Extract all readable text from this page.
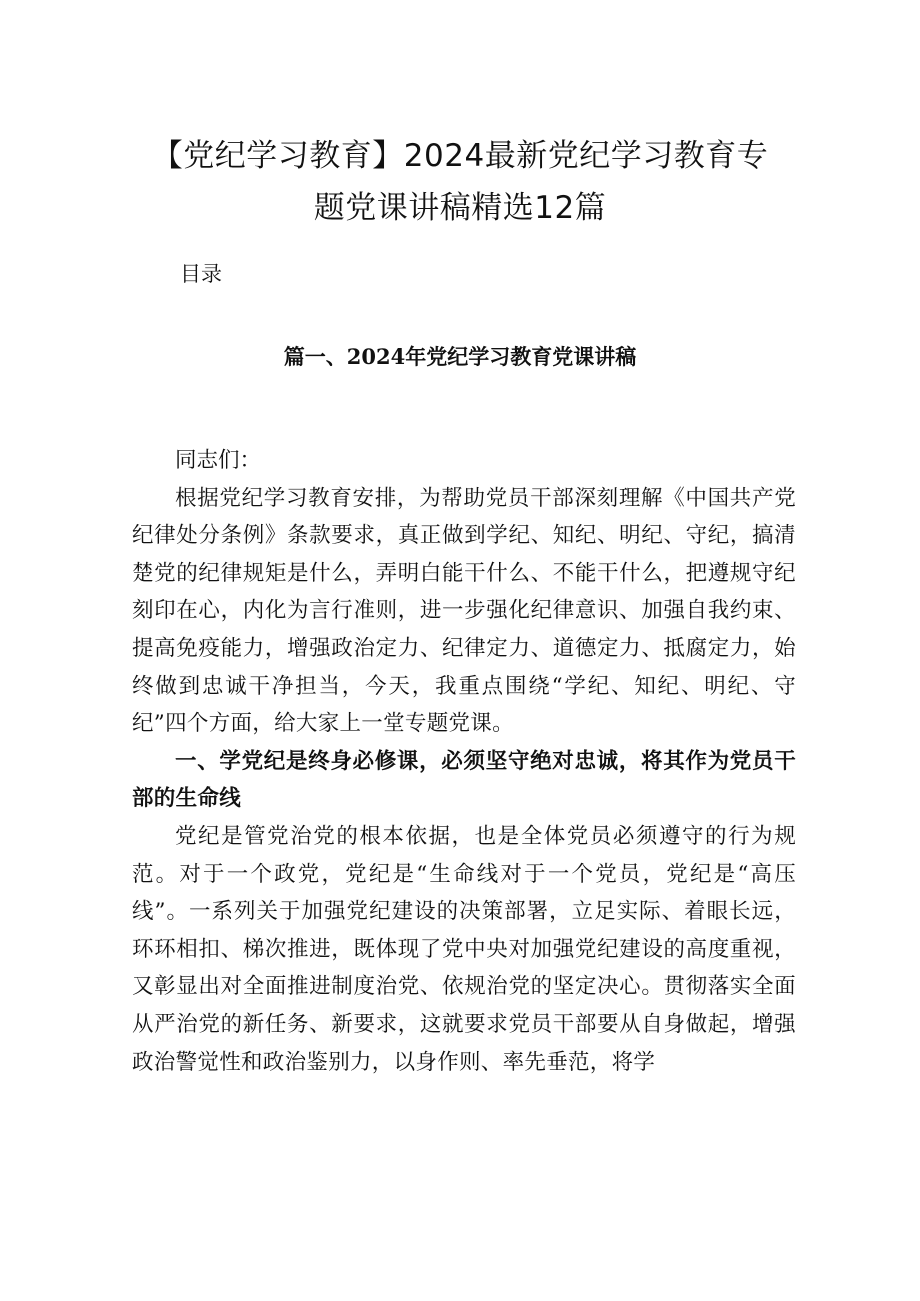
【党纪学习教育】2024最新党纪学习教育专
题党课讲稿精选12篇

目录

篇一、2024年党纪学习教育党课讲稿

同志们：

根据党纪学习教育安排，为帮助党员干部深刻理解《中国共产党纪律处分条例》条款要求，真正做到学纪、知纪、明纪、守纪，搞清楚党的纪律规矩是什么，弄明白能干什么、不能干什么，把遵规守纪刻印在心，内化为言行准则，进一步强化纪律意识、加强自我约束、提高免疫能力，增强政治定力、纪律定力、道德定力、抵腐定力，始终做到忠诚干净担当，今天，我重点围绕“学纪、知纪、明纪、守纪”四个方面，给大家上一堂专题党课。

一、学党纪是终身必修课，必须坚守绝对忠诚，将其作为党员干部的生命线

党纪是管党治党的根本依据，也是全体党员必须遵守的行为规范。对于一个政党，党纪是“生命线对于一个党员，党纪是“高压线”。一系列关于加强党纪建设的决策部署，立足实际、着眼长远，环环相扣、梯次推进，既体现了党中央对加强党纪建设的高度重视，又彰显出对全面推进制度治党、依规治党的坚定决心。贯彻落实全面从严治党的新任务、新要求，这就要求党员干部要从自身做起，增强政治警觉性和政治鉴别力，以身作则、率先垂范，将学
